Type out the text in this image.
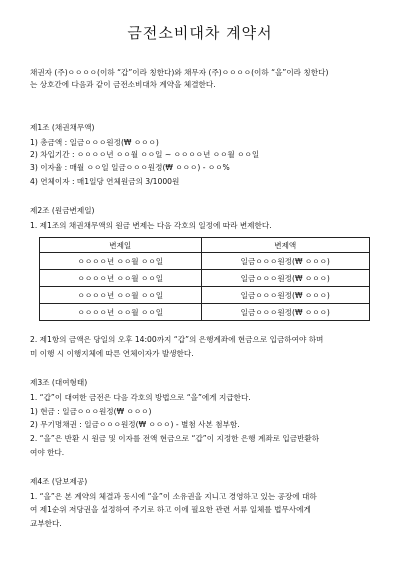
금전소비대차 계약서
채권자 (주)ㅇㅇㅇㅇ(이하 “갑”이라 칭한다)와 채무자 (주)ㅇㅇㅇㅇ(이하 “을”이라 칭한다)
는 상호간에 다음과 같이 금전소비대차 계약을 체결한다.
제1조 (채권채무액)
1) 총금액 : 일금ㅇㅇㅇ원정(₩ ㅇㅇㅇ)
2) 차입기간 : ㅇㅇㅇㅇ년 ㅇㅇ월 ㅇㅇ일 ~ ㅇㅇㅇㅇ년 ㅇㅇ월 ㅇㅇ일
3) 이자율 : 매월 ㅇㅇ일 일금ㅇㅇㅇ원정(₩ ㅇㅇㅇ) - ㅇㅇ%
4) 연체이자 : 매1일당 연체원금의 3/1000원
제2조 (원금변제일)
1. 제1조의 채권채무액의 원금 변제는 다음 각호의 일정에 따라 변제한다.
변제일	변제액
ㅇㅇㅇㅇ년 ㅇㅇ월 ㅇㅇ일	일금ㅇㅇㅇ원정(₩ ㅇㅇㅇ)
ㅇㅇㅇㅇ년 ㅇㅇ월 ㅇㅇ일	일금ㅇㅇㅇ원정(₩ ㅇㅇㅇ)
ㅇㅇㅇㅇ년 ㅇㅇ월 ㅇㅇ일	일금ㅇㅇㅇ원정(₩ ㅇㅇㅇ)
ㅇㅇㅇㅇ년 ㅇㅇ월 ㅇㅇ일	일금ㅇㅇㅇ원정(₩ ㅇㅇㅇ)
2. 제1항의 금액은 당일의 오후 14:00까지 “갑”의 은행계좌에 현금으로 입금하여야 하며
미 이행 시 이행지체에 따른 연체이자가 발생한다.
제3조 (대여형태)
1. “갑”이 대여한 금전은 다음 각호의 방법으로 “을”에게 지급한다.
1) 현금 : 일금ㅇㅇㅇ원정(₩ ㅇㅇㅇ)
2) 무기명채권 : 일금ㅇㅇㅇ원정(₩ ㅇㅇㅇ) - 별첨 사본 첨부함.
2. “을”은 반환 시 원금 및 이자를 전액 현금으로 “갑”이 지정한 은행 계좌로 입금반환하
여야 한다.
제4조 (담보제공)
1. “을”은 본 계약의 체결과 동시에 “을”이 소유권을 지니고 경영하고 있는 공장에 대하
여 제1순위 저당권을 설정하여 주기로 하고 이에 필요한 관련 서류 일체를 법무사에게
교부한다.
